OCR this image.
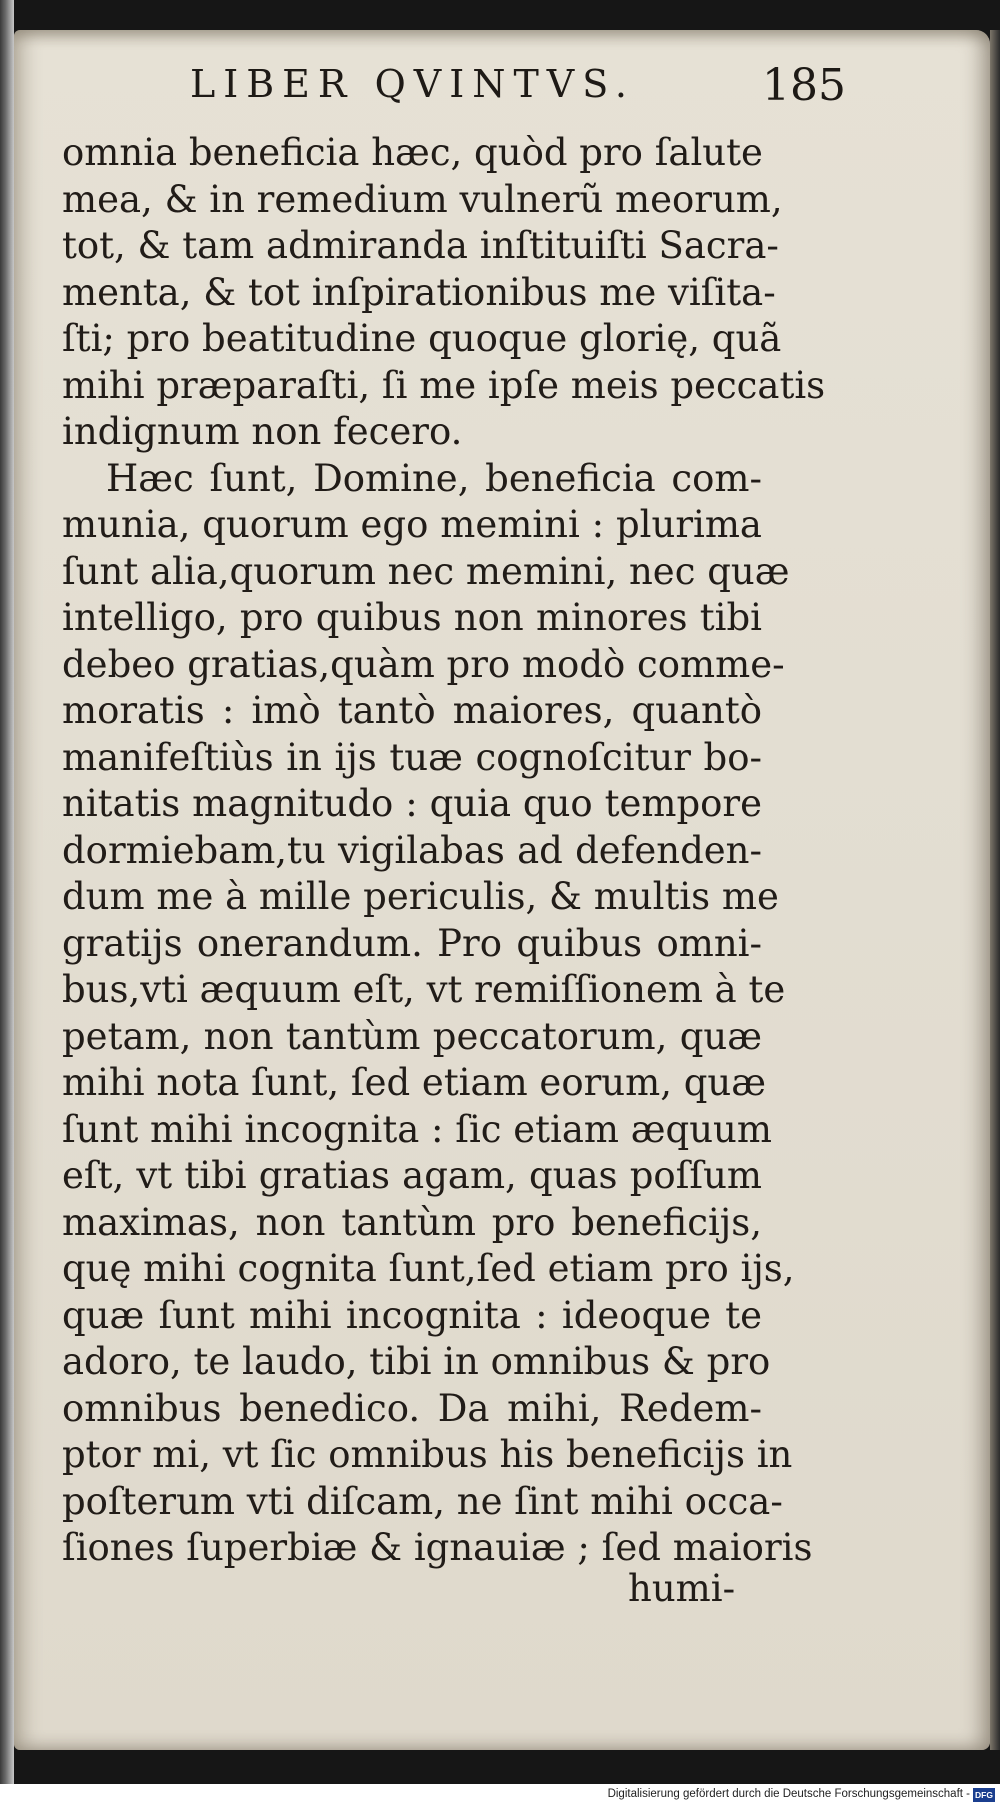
LIBER QVINTVS.	185
omnia beneficia hæc, quòd pro ſalute
mea, & in remedium vulnerũ meorum,
tot, & tam admiranda inſtituiſti Sacra-
menta, & tot inſpirationibus me viſita-
ſti; pro beatitudine quoque glorię, quã
mihi præparaſti, ſi me ipſe meis peccatis
indignum non fecero.
Hæc ſunt, Domine, beneficia com-
munia, quorum ego memini : plurima
ſunt alia,quorum nec memini, nec quæ
intelligo, pro quibus non minores tibi
debeo gratias,quàm pro modò comme-
moratis : imò tantò maiores, quantò
manifeſtiùs in ijs tuæ cognoſcitur bo-
nitatis magnitudo : quia quo tempore
dormiebam,tu vigilabas ad defenden-
dum me à mille periculis, & multis me
gratijs onerandum. Pro quibus omni-
bus,vti æquum eſt, vt remiſſionem à te
petam, non tantùm peccatorum, quæ
mihi nota ſunt, ſed etiam eorum, quæ
ſunt mihi incognita : ſic etiam æquum
eſt, vt tibi gratias agam, quas poſſum
maximas, non tantùm pro beneficijs,
quę mihi cognita ſunt,ſed etiam pro ijs,
quæ ſunt mihi incognita : ideoque te
adoro, te laudo, tibi in omnibus & pro
omnibus benedico. Da mihi, Redem-
ptor mi, vt ſic omnibus his beneficijs in
poſterum vti diſcam, ne ſint mihi occa-
ſiones ſuperbiæ & ignauiæ ; ſed maioris
humi-
Digitalisierung gefördert durch die Deutsche Forschungsgemeinschaft - DFG
